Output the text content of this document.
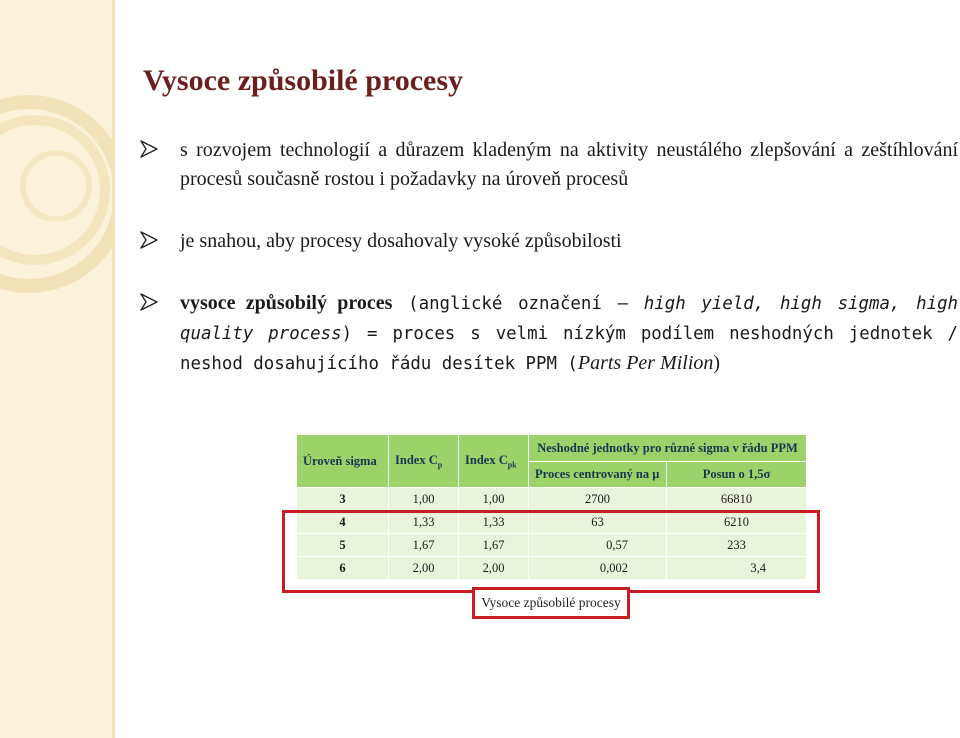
Vysoce způsobilé procesy
s rozvojem technologií a důrazem kladeným na aktivity neustálého zlepšování a zeštíhlování procesů současně rostou i požadavky na úroveň procesů
je snahou, aby procesy dosahovaly vysoké způsobilosti
vysoce způsobilý proces (anglické označení – high yield, high sigma, high quality process) = proces s velmi nízkým podílem neshodných jednotek / neshod dosahujícího řádu desítek PPM (Parts Per Milion)
Úroveň sigma	Index $C_p$	Index $C_{pk}$	Neshodné jednotky pro různé sigma v řádu PPM	
			Proces centrovaný na μ	Posun o 1,5σ
3	1,00	1,00	2700	66810
4	1,33	1,33	63	6210
5	1,67	1,67	0,57	233
6	2,00	2,00	0,002	3,4
Vysoce způsobilé procesy
